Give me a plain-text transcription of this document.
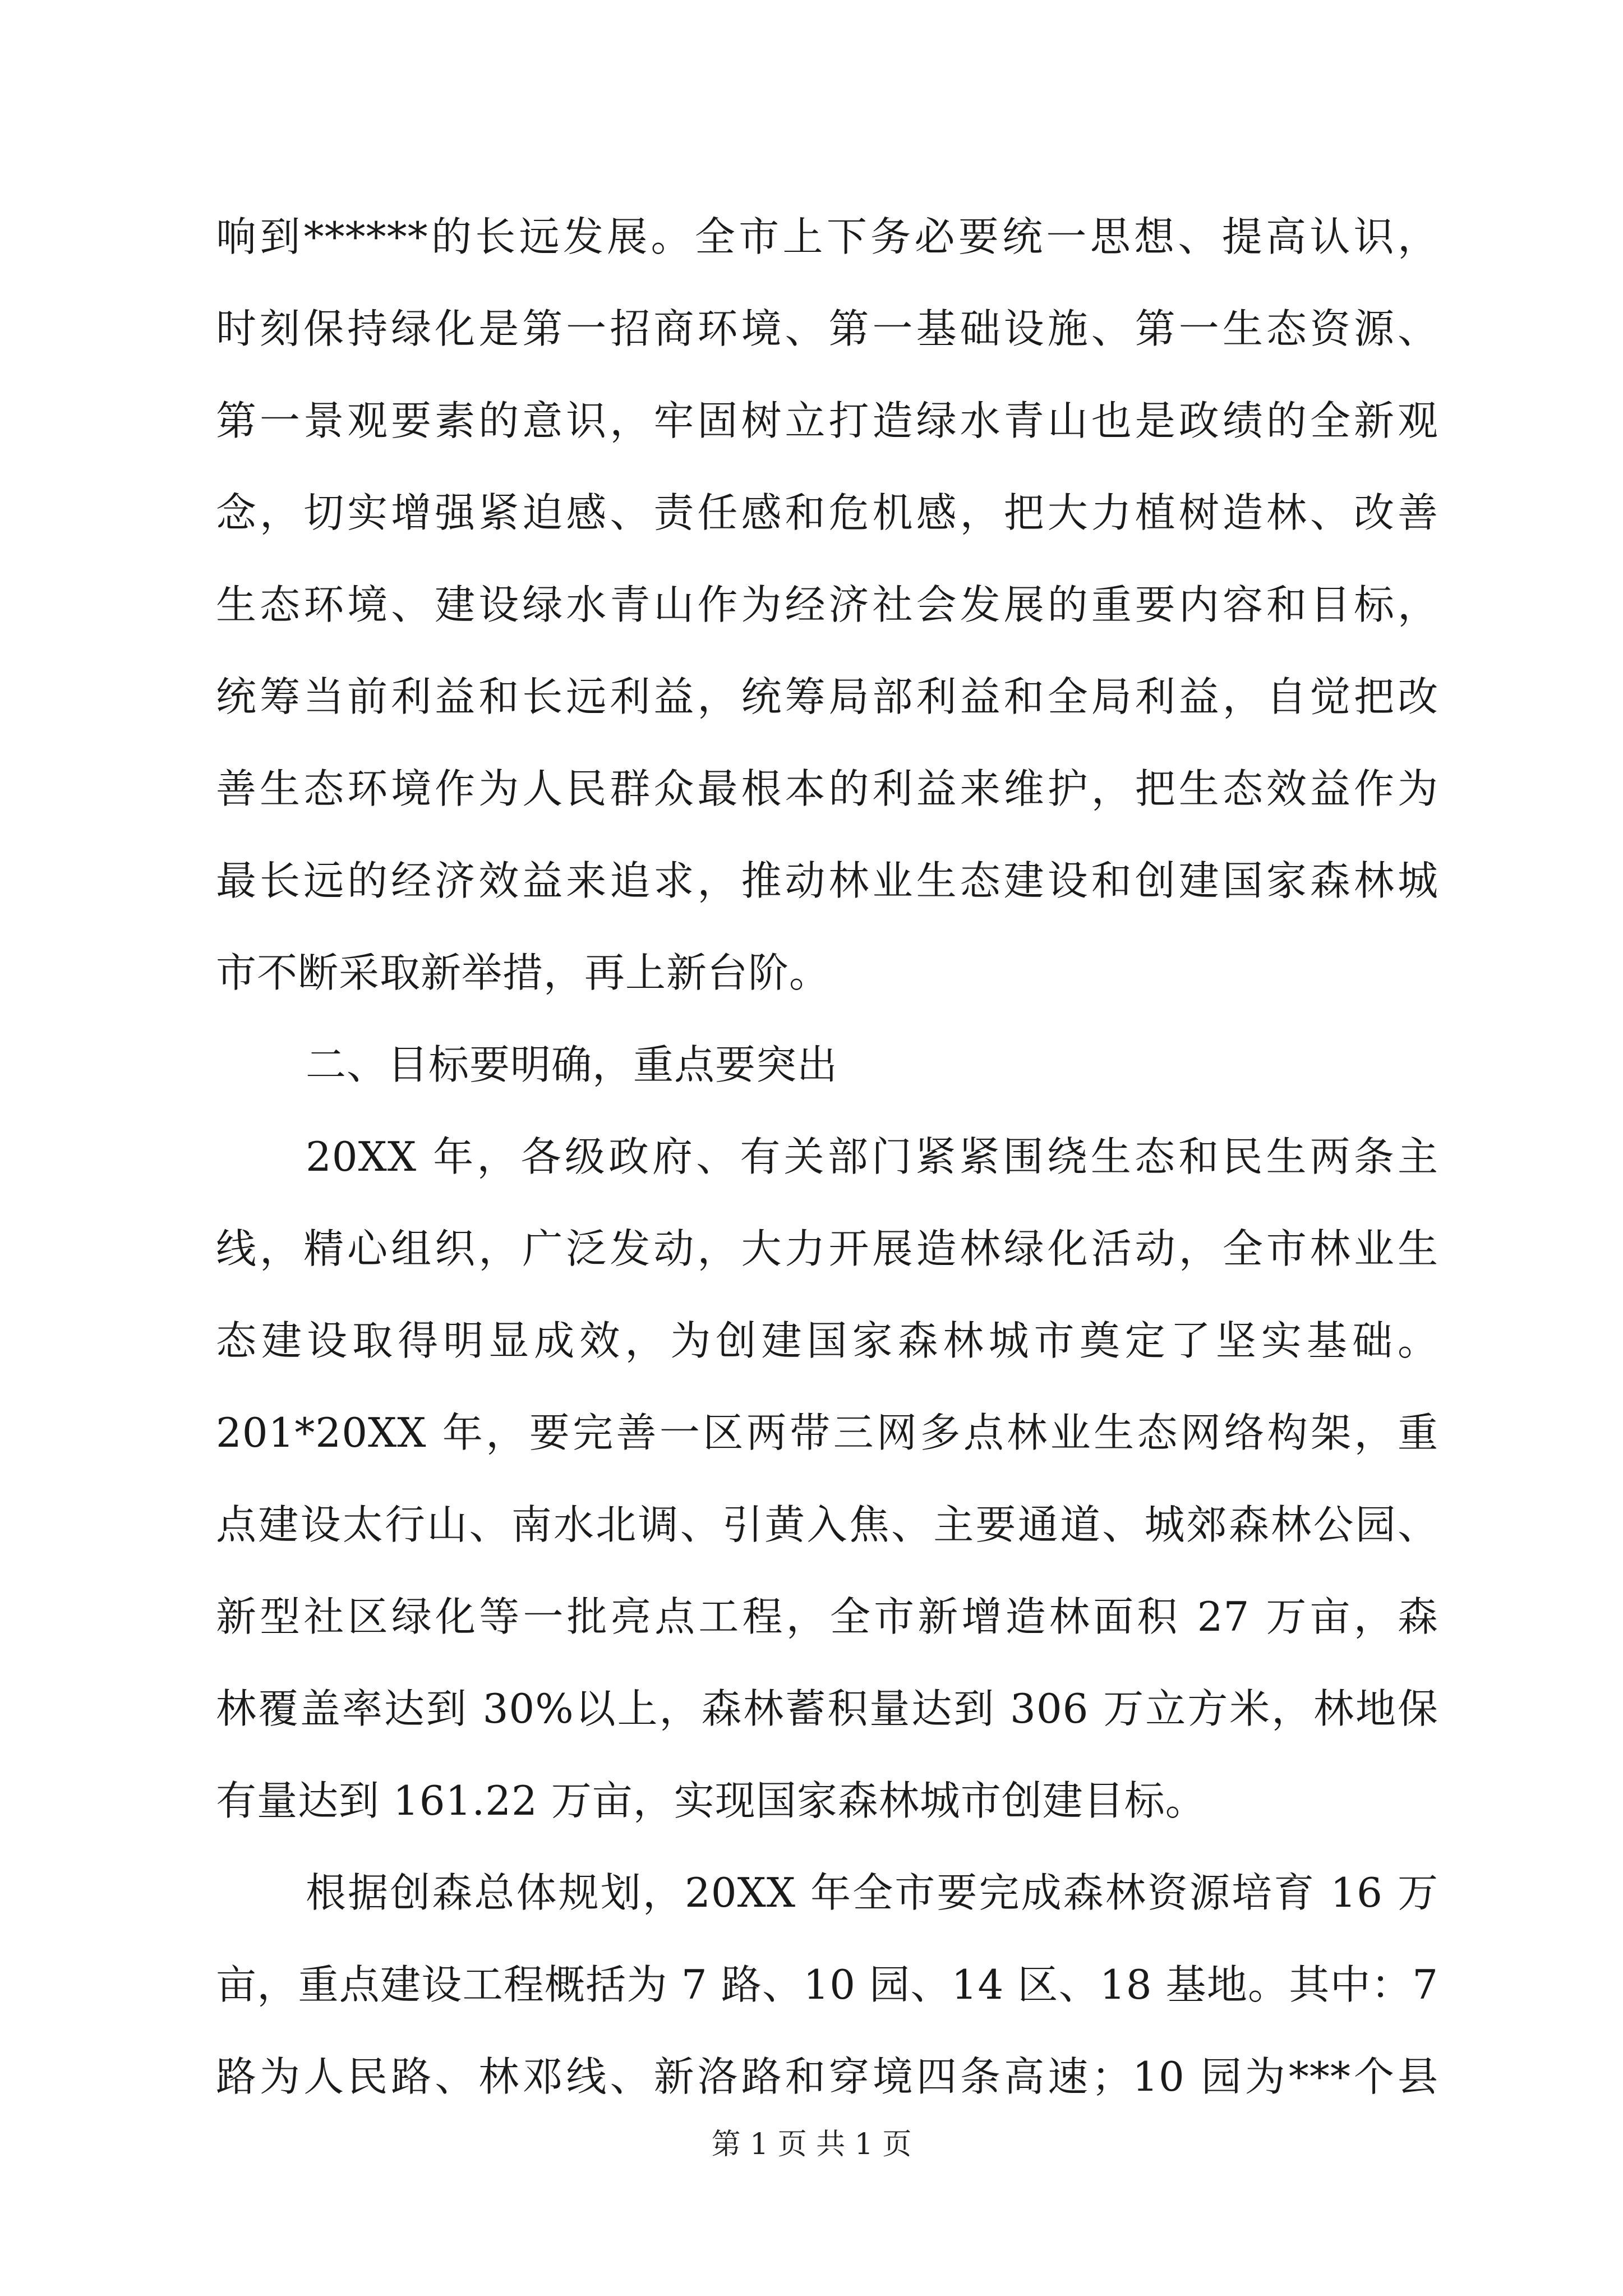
响到******的长远发展。全市上下务必要统一思想、提高认识，
时刻保持绿化是第一招商环境、第一基础设施、第一生态资源、
第一景观要素的意识，牢固树立打造绿水青山也是政绩的全新观
念，切实增强紧迫感、责任感和危机感，把大力植树造林、改善
生态环境、建设绿水青山作为经济社会发展的重要内容和目标，
统筹当前利益和长远利益，统筹局部利益和全局利益，自觉把改
善生态环境作为人民群众最根本的利益来维护，把生态效益作为
最长远的经济效益来追求，推动林业生态建设和创建国家森林城
市不断采取新举措，再上新台阶。
二、目标要明确，重点要突出
20XX 年，各级政府、有关部门紧紧围绕生态和民生两条主
线，精心组织，广泛发动，大力开展造林绿化活动，全市林业生
态建设取得明显成效，为创建国家森林城市奠定了坚实基础。
201*20XX 年，要完善一区两带三网多点林业生态网络构架，重
点建设太行山、南水北调、引黄入焦、主要通道、城郊森林公园、
新型社区绿化等一批亮点工程，全市新增造林面积 27 万亩，森
林覆盖率达到 30%以上，森林蓄积量达到 306 万立方米，林地保
有量达到 161.22 万亩，实现国家森林城市创建目标。
根据创森总体规划，20XX 年全市要完成森林资源培育 16 万
亩，重点建设工程概括为 7 路、10 园、14 区、18 基地。其中：7
路为人民路、林邓线、新洛路和穿境四条高速；10 园为***个县
第 1 页 共 1 页
